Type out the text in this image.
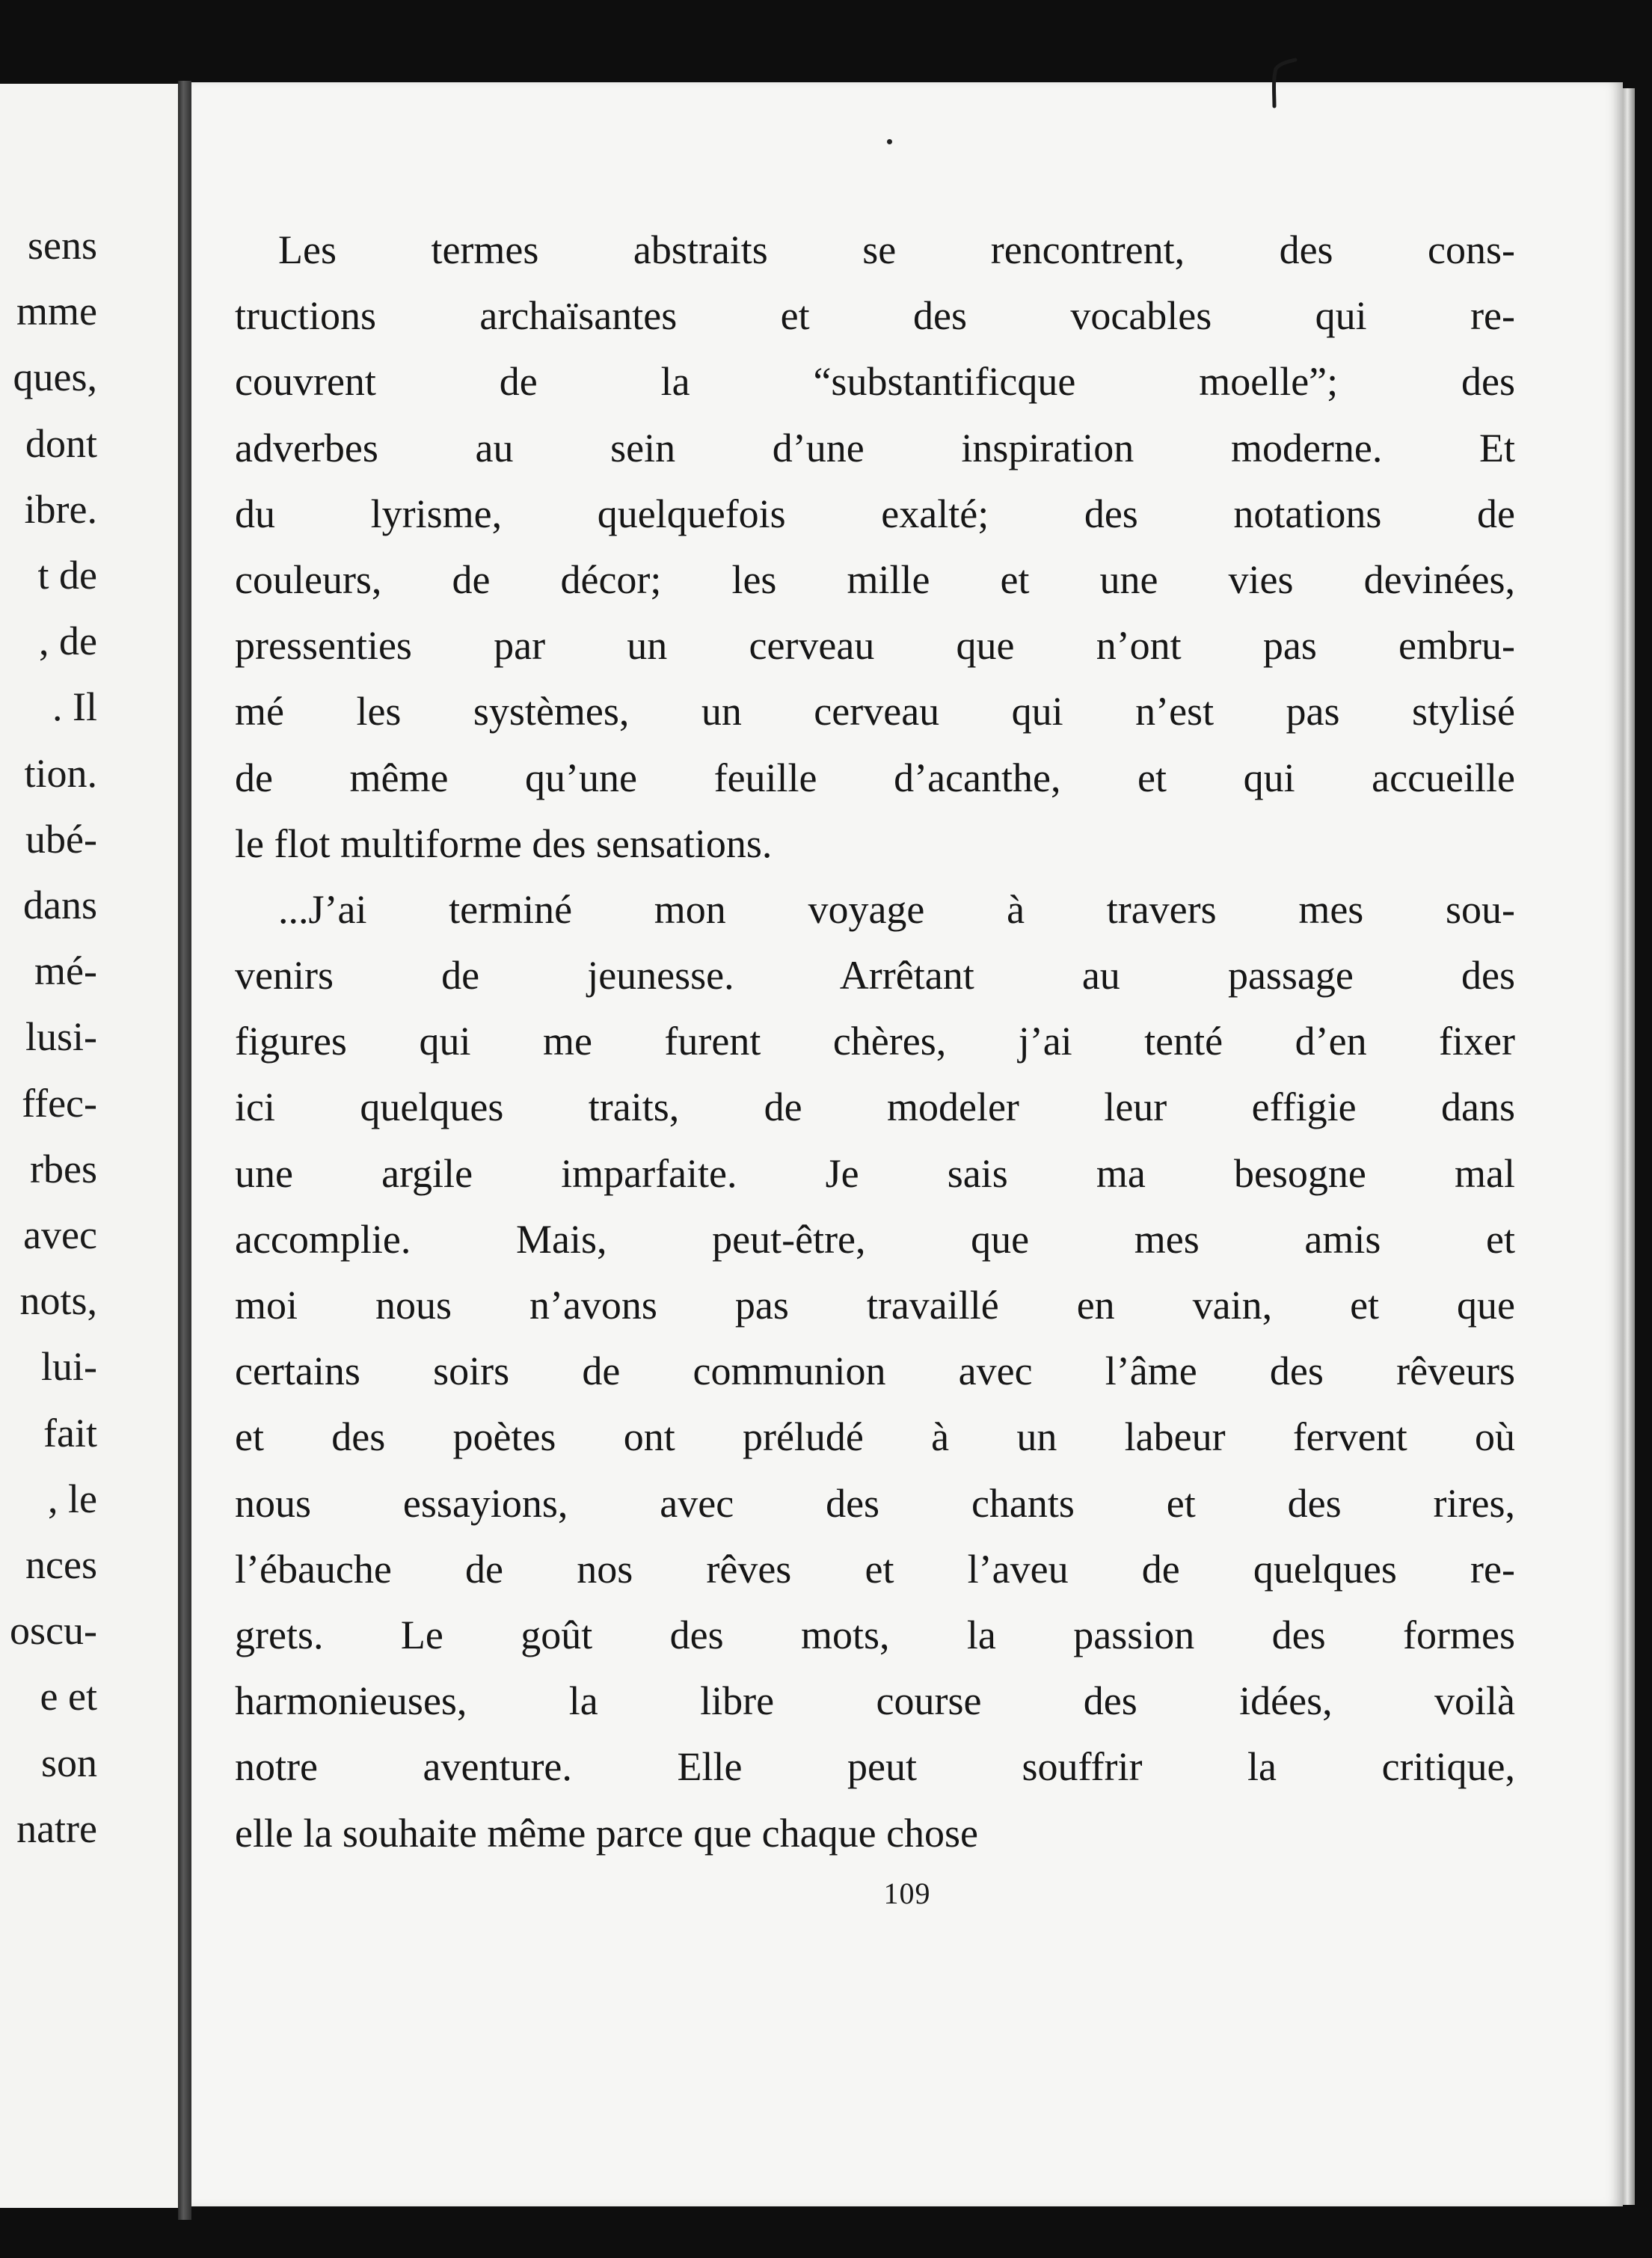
sens
mme
ques,
dont
ibre.
t de
, de
. Il
tion.
ubé-
dans
mé-
lusi-
ffec-
rbes
avec
nots,
lui-
fait
, le
nces
oscu-
e et
son
natre
Les termes abstraits se rencontrent, des cons-
tructions archaïsantes et des vocables qui re-
couvrent de la “substantificque moelle”; des
adverbes au sein d’une inspiration moderne. Et
du lyrisme, quelquefois exalté; des notations de
couleurs, de décor; les mille et une vies devinées,
pressenties par un cerveau que n’ont pas embru-
mé les systèmes, un cerveau qui n’est pas stylisé
de même qu’une feuille d’acanthe, et qui accueille
le flot multiforme des sensations.
...J’ai terminé mon voyage à travers mes sou-
venirs de jeunesse. Arrêtant au passage des
figures qui me furent chères, j’ai tenté d’en fixer
ici quelques traits, de modeler leur effigie dans
une argile imparfaite. Je sais ma besogne mal
accomplie. Mais, peut-être, que mes amis et
moi nous n’avons pas travaillé en vain, et que
certains soirs de communion avec l’âme des rêveurs
et des poètes ont préludé à un labeur fervent où
nous essayions, avec des chants et des rires,
l’ébauche de nos rêves et l’aveu de quelques re-
grets. Le goût des mots, la passion des formes
harmonieuses, la libre course des idées, voilà
notre aventure. Elle peut souffrir la critique,
elle la souhaite même parce que chaque chose
109
